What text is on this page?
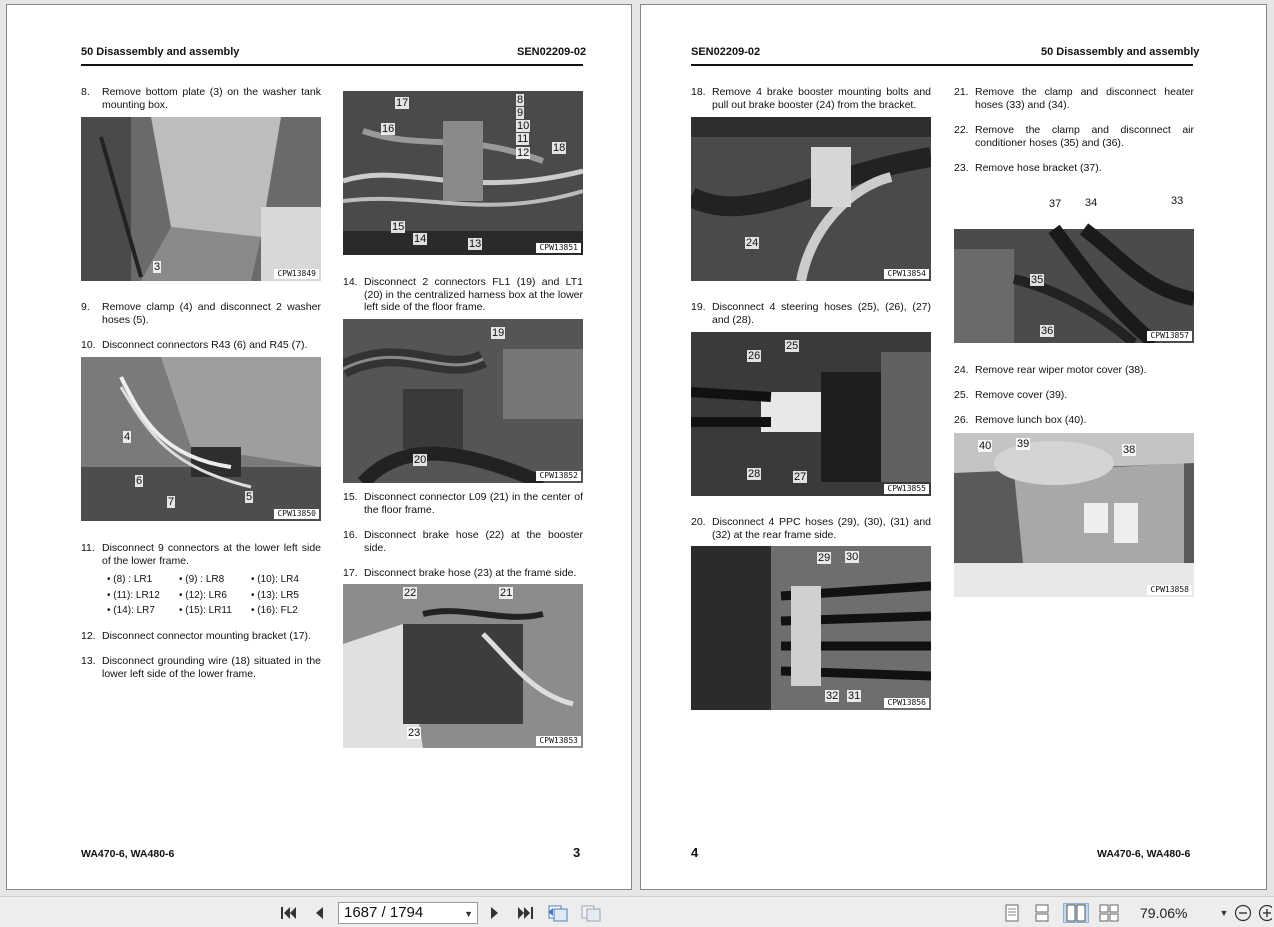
50 Disassembly and assembly	SEN02209-02
8.	Remove bottom plate (3) on the washer tank mounting box.
3
CPW13849
9.	Remove clamp (4) and disconnect 2 washer hoses (5).
10. Disconnect connectors R43 (6) and R45 (7).
4
6
7	5
CPW13850
11. Disconnect 9 connectors at the lower left side of the lower frame.
• (8) : LR1	• (9) : LR8	• (10): LR4
• (11): LR12	• (12): LR6	• (13): LR5
• (14): LR7	• (15): LR11	• (16): FL2
12. Disconnect connector mounting bracket (17).
13. Disconnect grounding wire (18) situated in the lower left side of the lower frame.
17	8
9
16	10
11
12 18
15
14	13	CPW13851
14. Disconnect 2 connectors FL1 (19) and LT1 (20) in the centralized harness box at the lower left side of the floor frame.
19
20
CPW13852
15. Disconnect connector L09 (21) in the center of the floor frame.
16. Disconnect brake hose (22) at the booster side.
17. Disconnect brake hose (23) at the frame side.
22	21
23
CPW13853
WA470-6, WA480-6	3
SEN02209-02	50 Disassembly and assembly
18. Remove 4 brake booster mounting bolts and pull out brake booster (24) from the bracket.
24
CPW13854
19. Disconnect 4 steering hoses (25), (26), (27) and (28).
26
25
28	27
CPW13855
20. Disconnect 4 PPC hoses (29), (30), (31) and (32) at the rear frame side.
29 30
32 31
CPW13856
21. Remove the clamp and disconnect heater hoses (33) and (34).
22. Remove the clamp and disconnect air conditioner hoses (35) and (36).
23. Remove hose bracket (37).
37 34	33
35
36	CPW13857
24. Remove rear wiper motor cover (38).
25. Remove cover (39).
26. Remove lunch box (40).
40 39	38
CPW13858
4	WA470-6, WA480-6
1687 / 1794	▼	79.06%	▼
